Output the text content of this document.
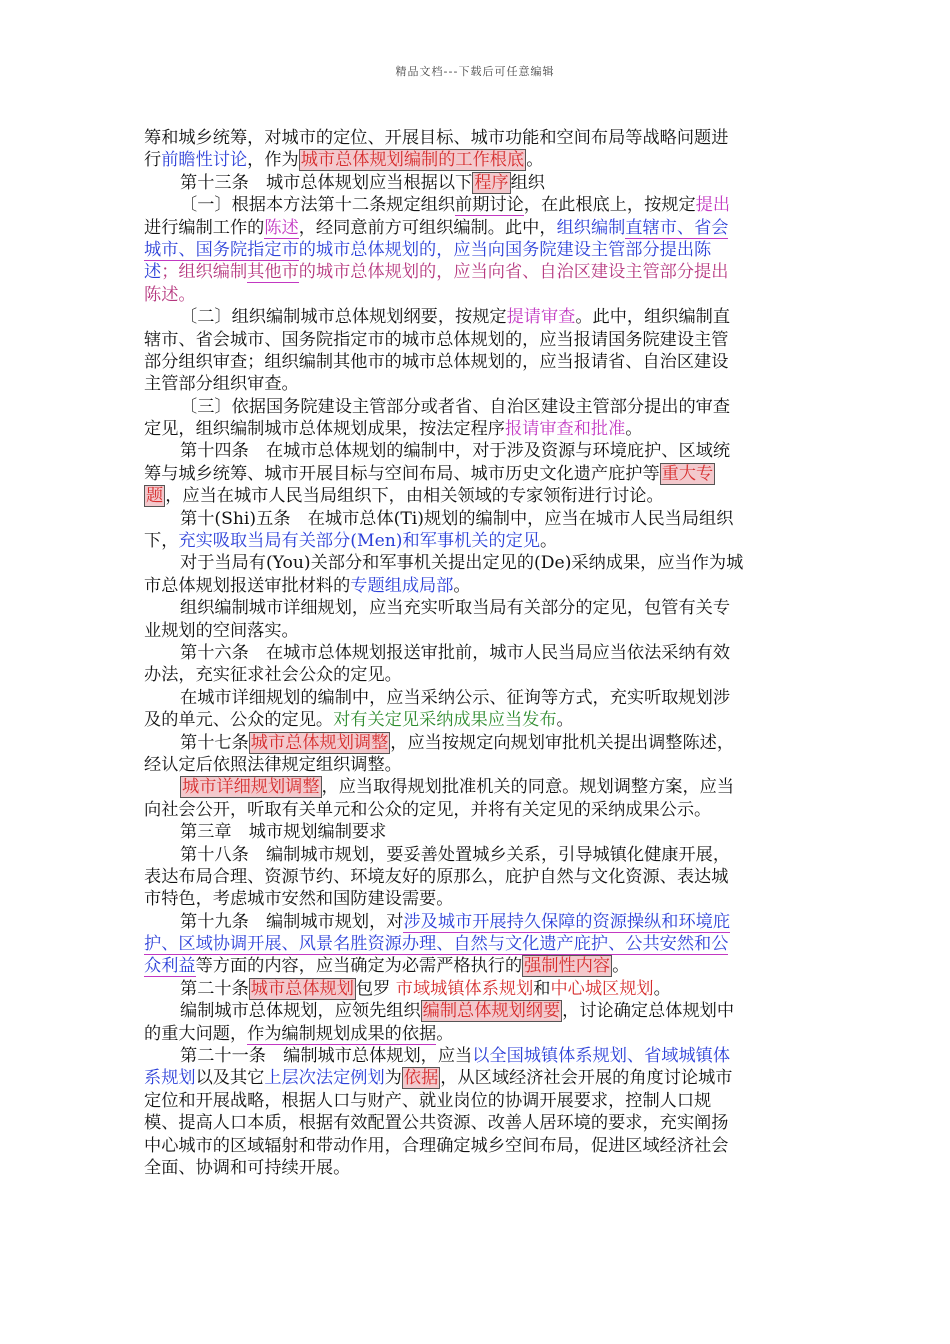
精品文档---下载后可任意编辑
筹和城乡统筹，对城市的定位、开展目标、城市功能和空间布局等战略问题进
行前瞻性讨论，作为 城市总体规划编制的工作根底 。
第十三条　城市总体规划应当根据以下 程序 组织
〔一〕根据本方法第十二条规定组织前期讨论，在此根底上，按规定提出
进行编制工作的陈述，经同意前方可组织编制。此中，组织编制直辖市、省会
城市、国务院指定市的城市总体规划的，应当向国务院建设主管部分提出陈
述；组织编制其他市的城市总体规划的，应当向省、自治区建设主管部分提出
陈述。
〔二〕组织编制城市总体规划纲要，按规定提请审查。此中，组织编制直
辖市、省会城市、国务院指定市的城市总体规划的，应当报请国务院建设主管
部分组织审查；组织编制其他市的城市总体规划的，应当报请省、自治区建设
主管部分组织审查。
〔三〕依据国务院建设主管部分或者省、自治区建设主管部分提出的审查
定见，组织编制城市总体规划成果，按法定程序报请审查和批准。
第十四条　在城市总体规划的编制中，对于涉及资源与环境庇护、区域统
筹与城乡统筹、城市开展目标与空间布局、城市历史文化遗产庇护等 重大专
题 ，应当在城市人民当局组织下，由相关领域的专家领衔进行讨论。
第十(Shi)五条　在城市总体(Ti)规划的编制中，应当在城市人民当局组织
下，充实吸取当局有关部分(Men)和军事机关的定见。
对于当局有(You)关部分和军事机关提出定见的(De)采纳成果，应当作为城
市总体规划报送审批材料的专题组成局部。
组织编制城市详细规划，应当充实听取当局有关部分的定见，包管有关专
业规划的空间落实。
第十六条　在城市总体规划报送审批前，城市人民当局应当依法采纳有效
办法，充实征求社会公众的定见。
在城市详细规划的编制中，应当采纳公示、征询等方式，充实听取规划涉
及的单元、公众的定见。对有关定见采纳成果应当发布。
第十七条 城市总体规划调整 ，应当按规定向规划审批机关提出调整陈述，
经认定后依照法律规定组织调整。
城市详细规划调整 ，应当取得规划批准机关的同意。规划调整方案，应当
向社会公开，听取有关单元和公众的定见，并将有关定见的采纳成果公示。
第三章　城市规划编制要求
第十八条　编制城市规划，要妥善处置城乡关系，引导城镇化健康开展，
表达布局合理、资源节约、环境友好的原那么，庇护自然与文化资源、表达城
市特色，考虑城市安然和国防建设需要。
第十九条　编制城市规划，对涉及城市开展持久保障的资源操纵和环境庇
护、区域协调开展、风景名胜资源办理、自然与文化遗产庇护、公共安然和公
众利益等方面的内容，应当确定为必需严格执行的 强制性内容 。
第二十条 城市总体规划 包罗 市域城镇体系规划和中心城区规划。
编制城市总体规划，应领先组织 编制总体规划纲要 ，讨论确定总体规划中
的重大问题，作为编制规划成果的依据。
第二十一条　编制城市总体规划，应当以全国城镇体系规划、省域城镇体
系规划以及其它上层次法定例划为 依据 ，从区域经济社会开展的角度讨论城市
定位和开展战略，根据人口与财产、就业岗位的协调开展要求，控制人口规
模、提高人口本质，根据有效配置公共资源、改善人居环境的要求，充实阐扬
中心城市的区域辐射和带动作用，合理确定城乡空间布局，促进区域经济社会
全面、协调和可持续开展。
